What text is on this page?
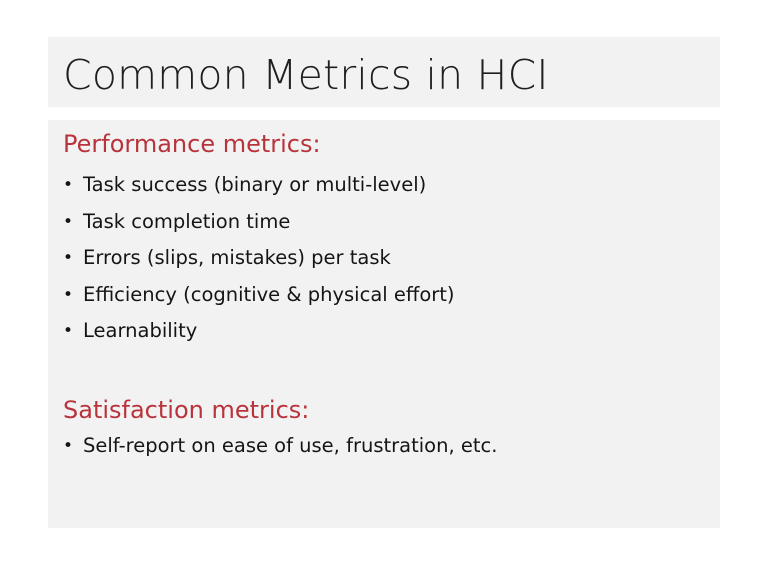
Common Metrics in HCI
Performance metrics:
• Task success (binary or multi-level)
• Task completion time
• Errors (slips, mistakes) per task
• Efficiency (cognitive & physical effort)
• Learnability
Satisfaction metrics:
• Self-report on ease of use, frustration, etc.
